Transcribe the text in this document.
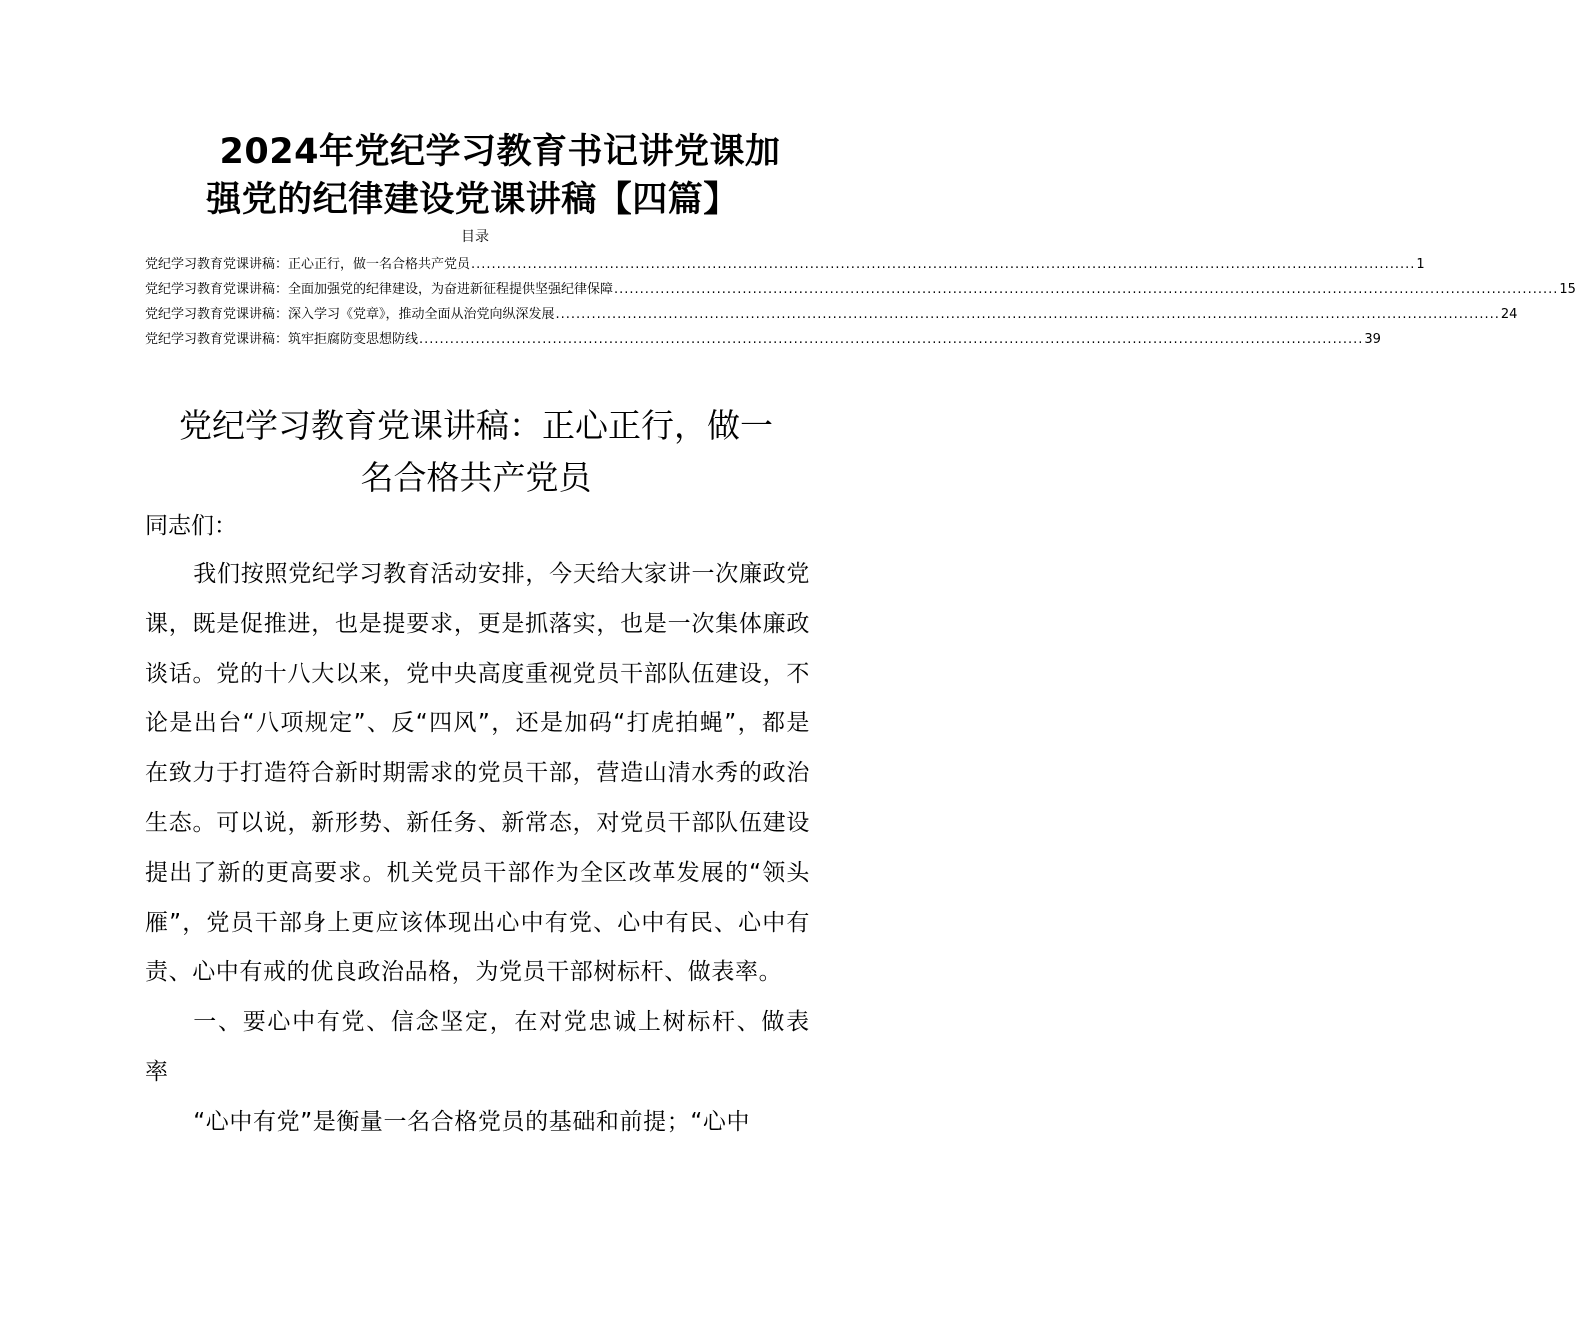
2024年党纪学习教育书记讲党课加
强党的纪律建设党课讲稿【四篇】
目录
党纪学习教育党课讲稿：正心正行，做一名合格共产党员 ........................................................................................................................................................................................ 1
党纪学习教育党课讲稿：全面加强党的纪律建设，为奋进新征程提供坚强纪律保障 ........................................................................................................................................................................................ 15
党纪学习教育党课讲稿：深入学习《党章》，推动全面从治党向纵深发展 ........................................................................................................................................................................................ 24
党纪学习教育党课讲稿：筑牢拒腐防变思想防线 ........................................................................................................................................................................................ 39
党纪学习教育党课讲稿：正心正行，做一
名合格共产党员
同志们：

我们按照党纪学习教育活动安排，今天给大家讲一次廉政党课，既是促推进，也是提要求，更是抓落实，也是一次集体廉政谈话。党的十八大以来，党中央高度重视党员干部队伍建设，不论是出台“八项规定”、反“四风”，还是加码“打虎拍蝇”，都是在致力于打造符合新时期需求的党员干部，营造山清水秀的政治生态。可以说，新形势、新任务、新常态，对党员干部队伍建设提出了新的更高要求。机关党员干部作为全区改革发展的“领头雁”，党员干部身上更应该体现出心中有党、心中有民、心中有责、心中有戒的优良政治品格，为党员干部树标杆、做表率。

一、要心中有党、信念坚定，在对党忠诚上树标杆、做表率

“心中有党”是衡量一名合格党员的基础和前提；“心中
